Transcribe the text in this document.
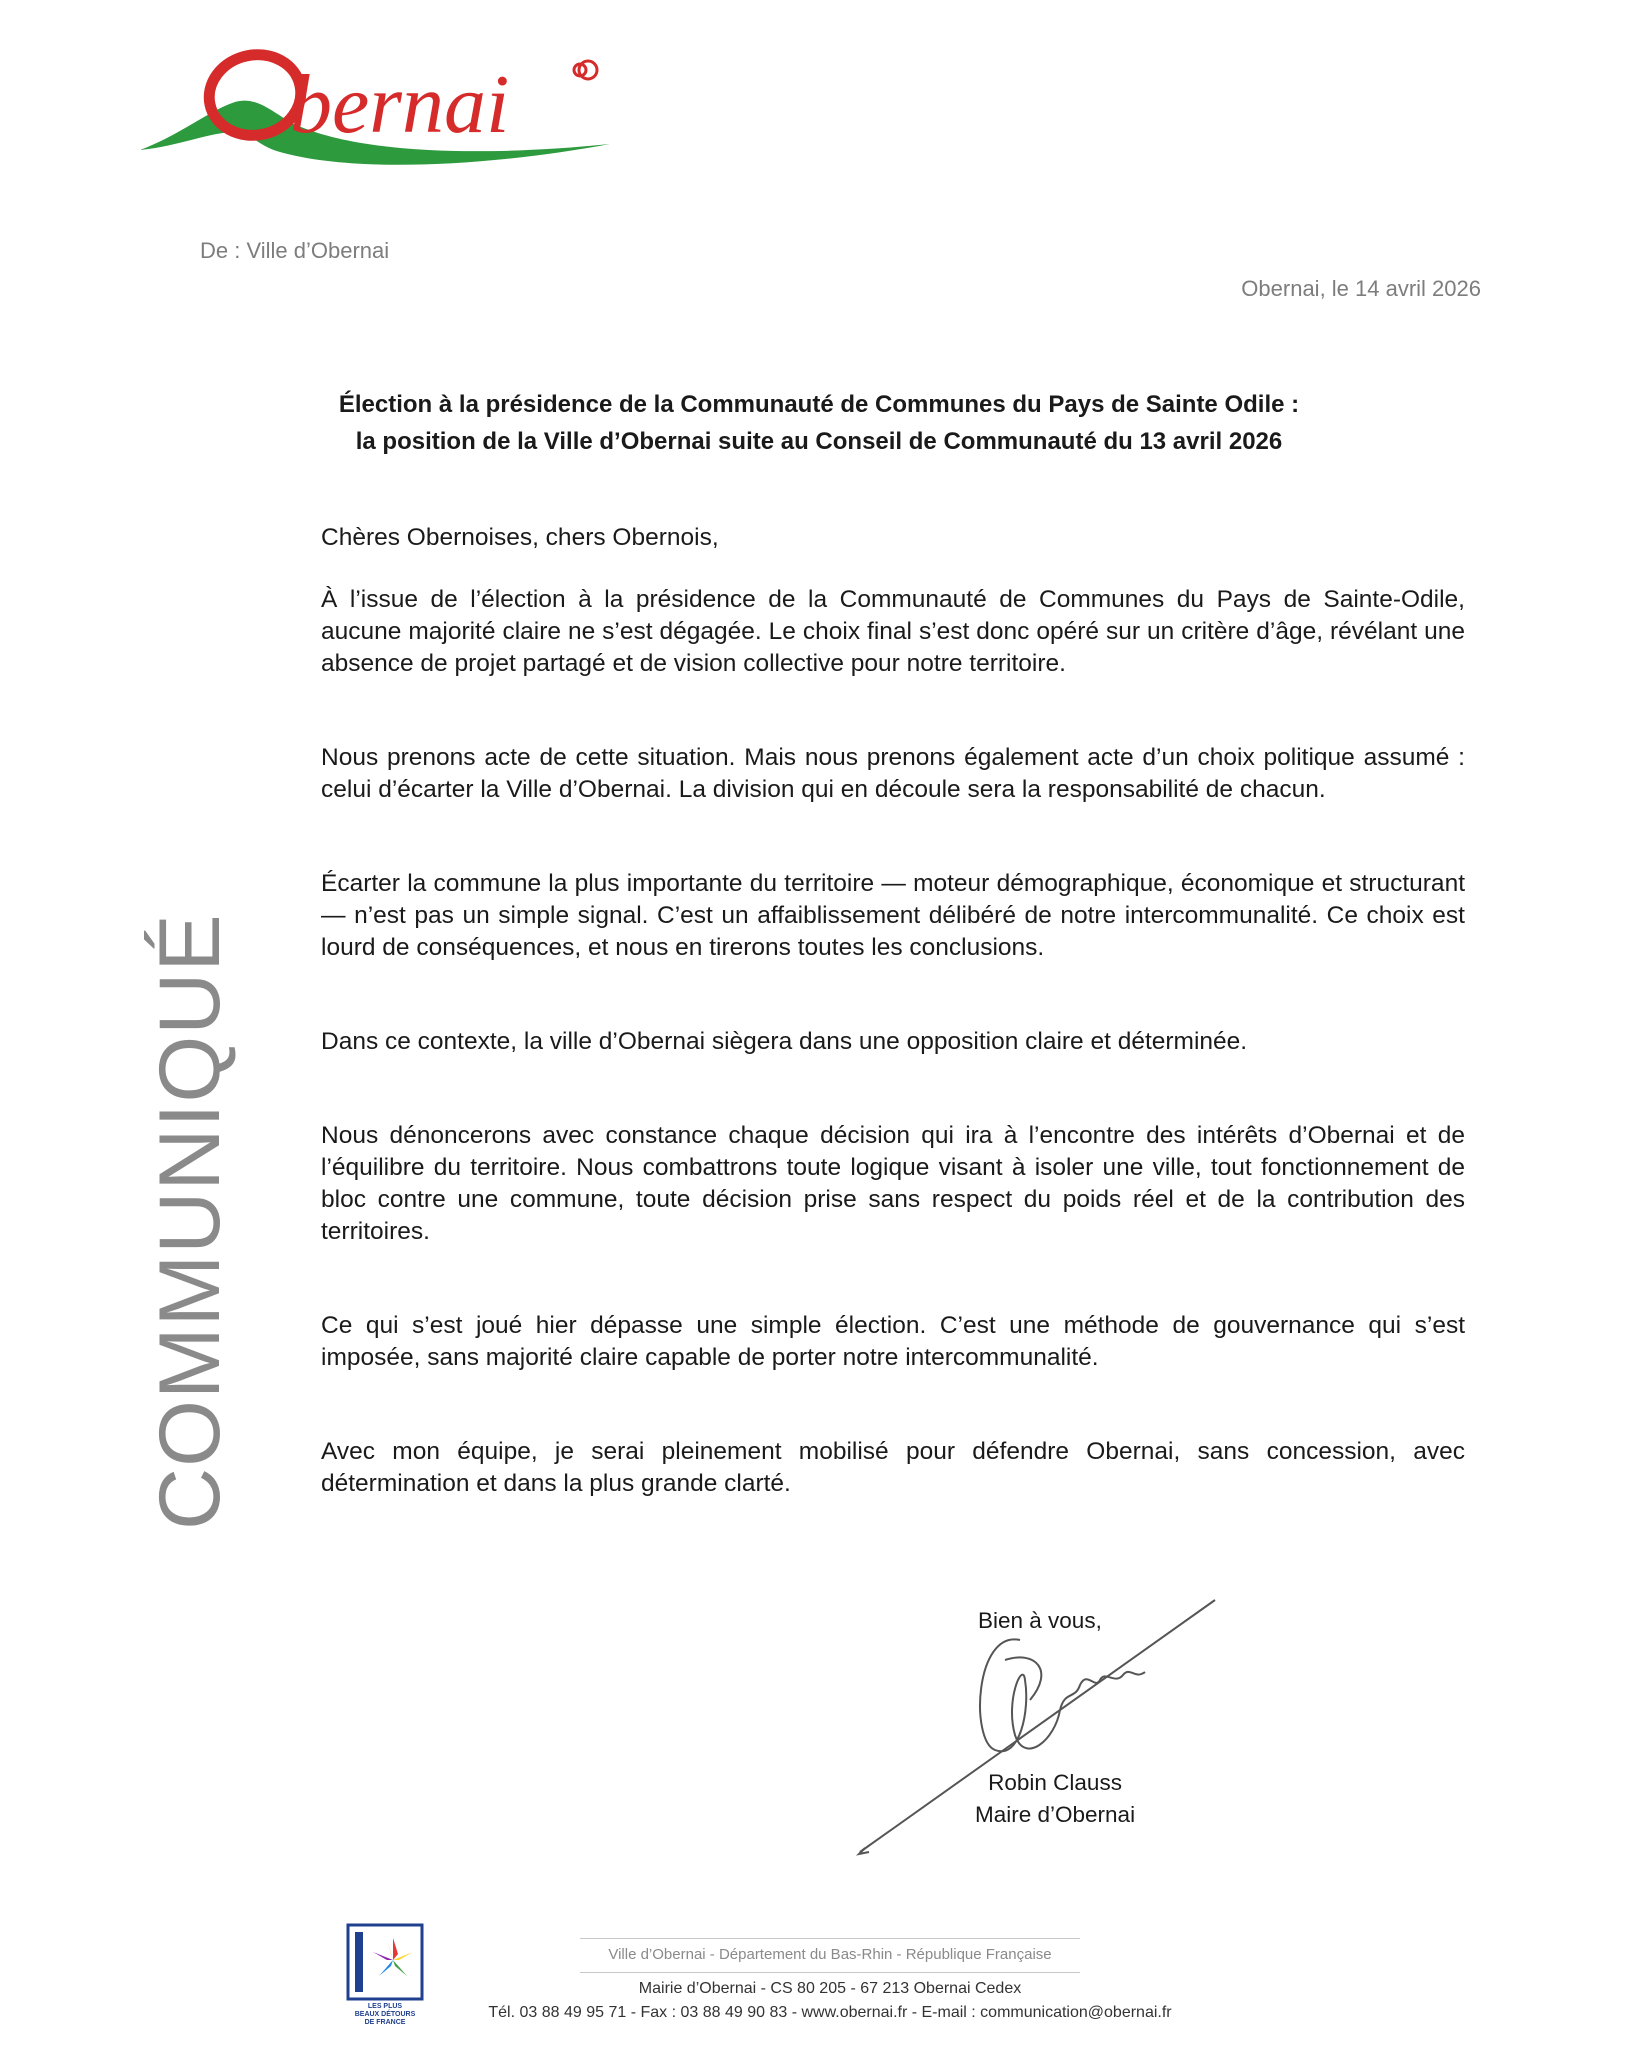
bernai
De : Ville d’Obernai
Obernai, le 14 avril 2026
Élection à la présidence de la Communauté de Communes du Pays de Sainte Odile :
la position de la Ville d’Obernai suite au Conseil de Communauté du 13 avril 2026
COMMUNIQUÉ

Chères Obernoises, chers Obernois,

À l’issue de l’élection à la présidence de la Communauté de Communes du Pays de Sainte-Odile, aucune majorité claire ne s’est dégagée. Le choix final s’est donc opéré sur un critère d’âge, révélant une absence de projet partagé et de vision collective pour notre territoire.

Nous prenons acte de cette situation. Mais nous prenons également acte d’un choix politique assumé : celui d’écarter la Ville d’Obernai. La division qui en découle sera la responsabilité de chacun.

Écarter la commune la plus importante du territoire — moteur démographique, économique et structurant — n’est pas un simple signal. C’est un affaiblissement délibéré de notre intercommunalité. Ce choix est lourd de conséquences, et nous en tirerons toutes les conclusions.

Dans ce contexte, la ville d’Obernai siègera dans une opposition claire et déterminée.

Nous dénoncerons avec constance chaque décision qui ira à l’encontre des intérêts d’Obernai et de l’équilibre du territoire. Nous combattrons toute logique visant à isoler une ville, tout fonctionnement de bloc contre une commune, toute décision prise sans respect du poids réel et de la contribution des territoires.

Ce qui s’est joué hier dépasse une simple élection. C’est une méthode de gouvernance qui s’est imposée, sans majorité claire capable de porter notre intercommunalité.

Avec mon équipe, je serai pleinement mobilisé pour défendre Obernai, sans concession, avec détermination et dans la plus grande clarté.

Bien à vous,
Robin Clauss
Maire d’Obernai
LES PLUS
BEAUX DÉTOURS
DE FRANCE
Ville d’Obernai - Département du Bas-Rhin - République Française
Mairie d’Obernai - CS 80 205 - 67 213 Obernai Cedex
Tél. 03 88 49 95 71 - Fax : 03 88 49 90 83 - www.obernai.fr - E-mail : communication@obernai.fr
